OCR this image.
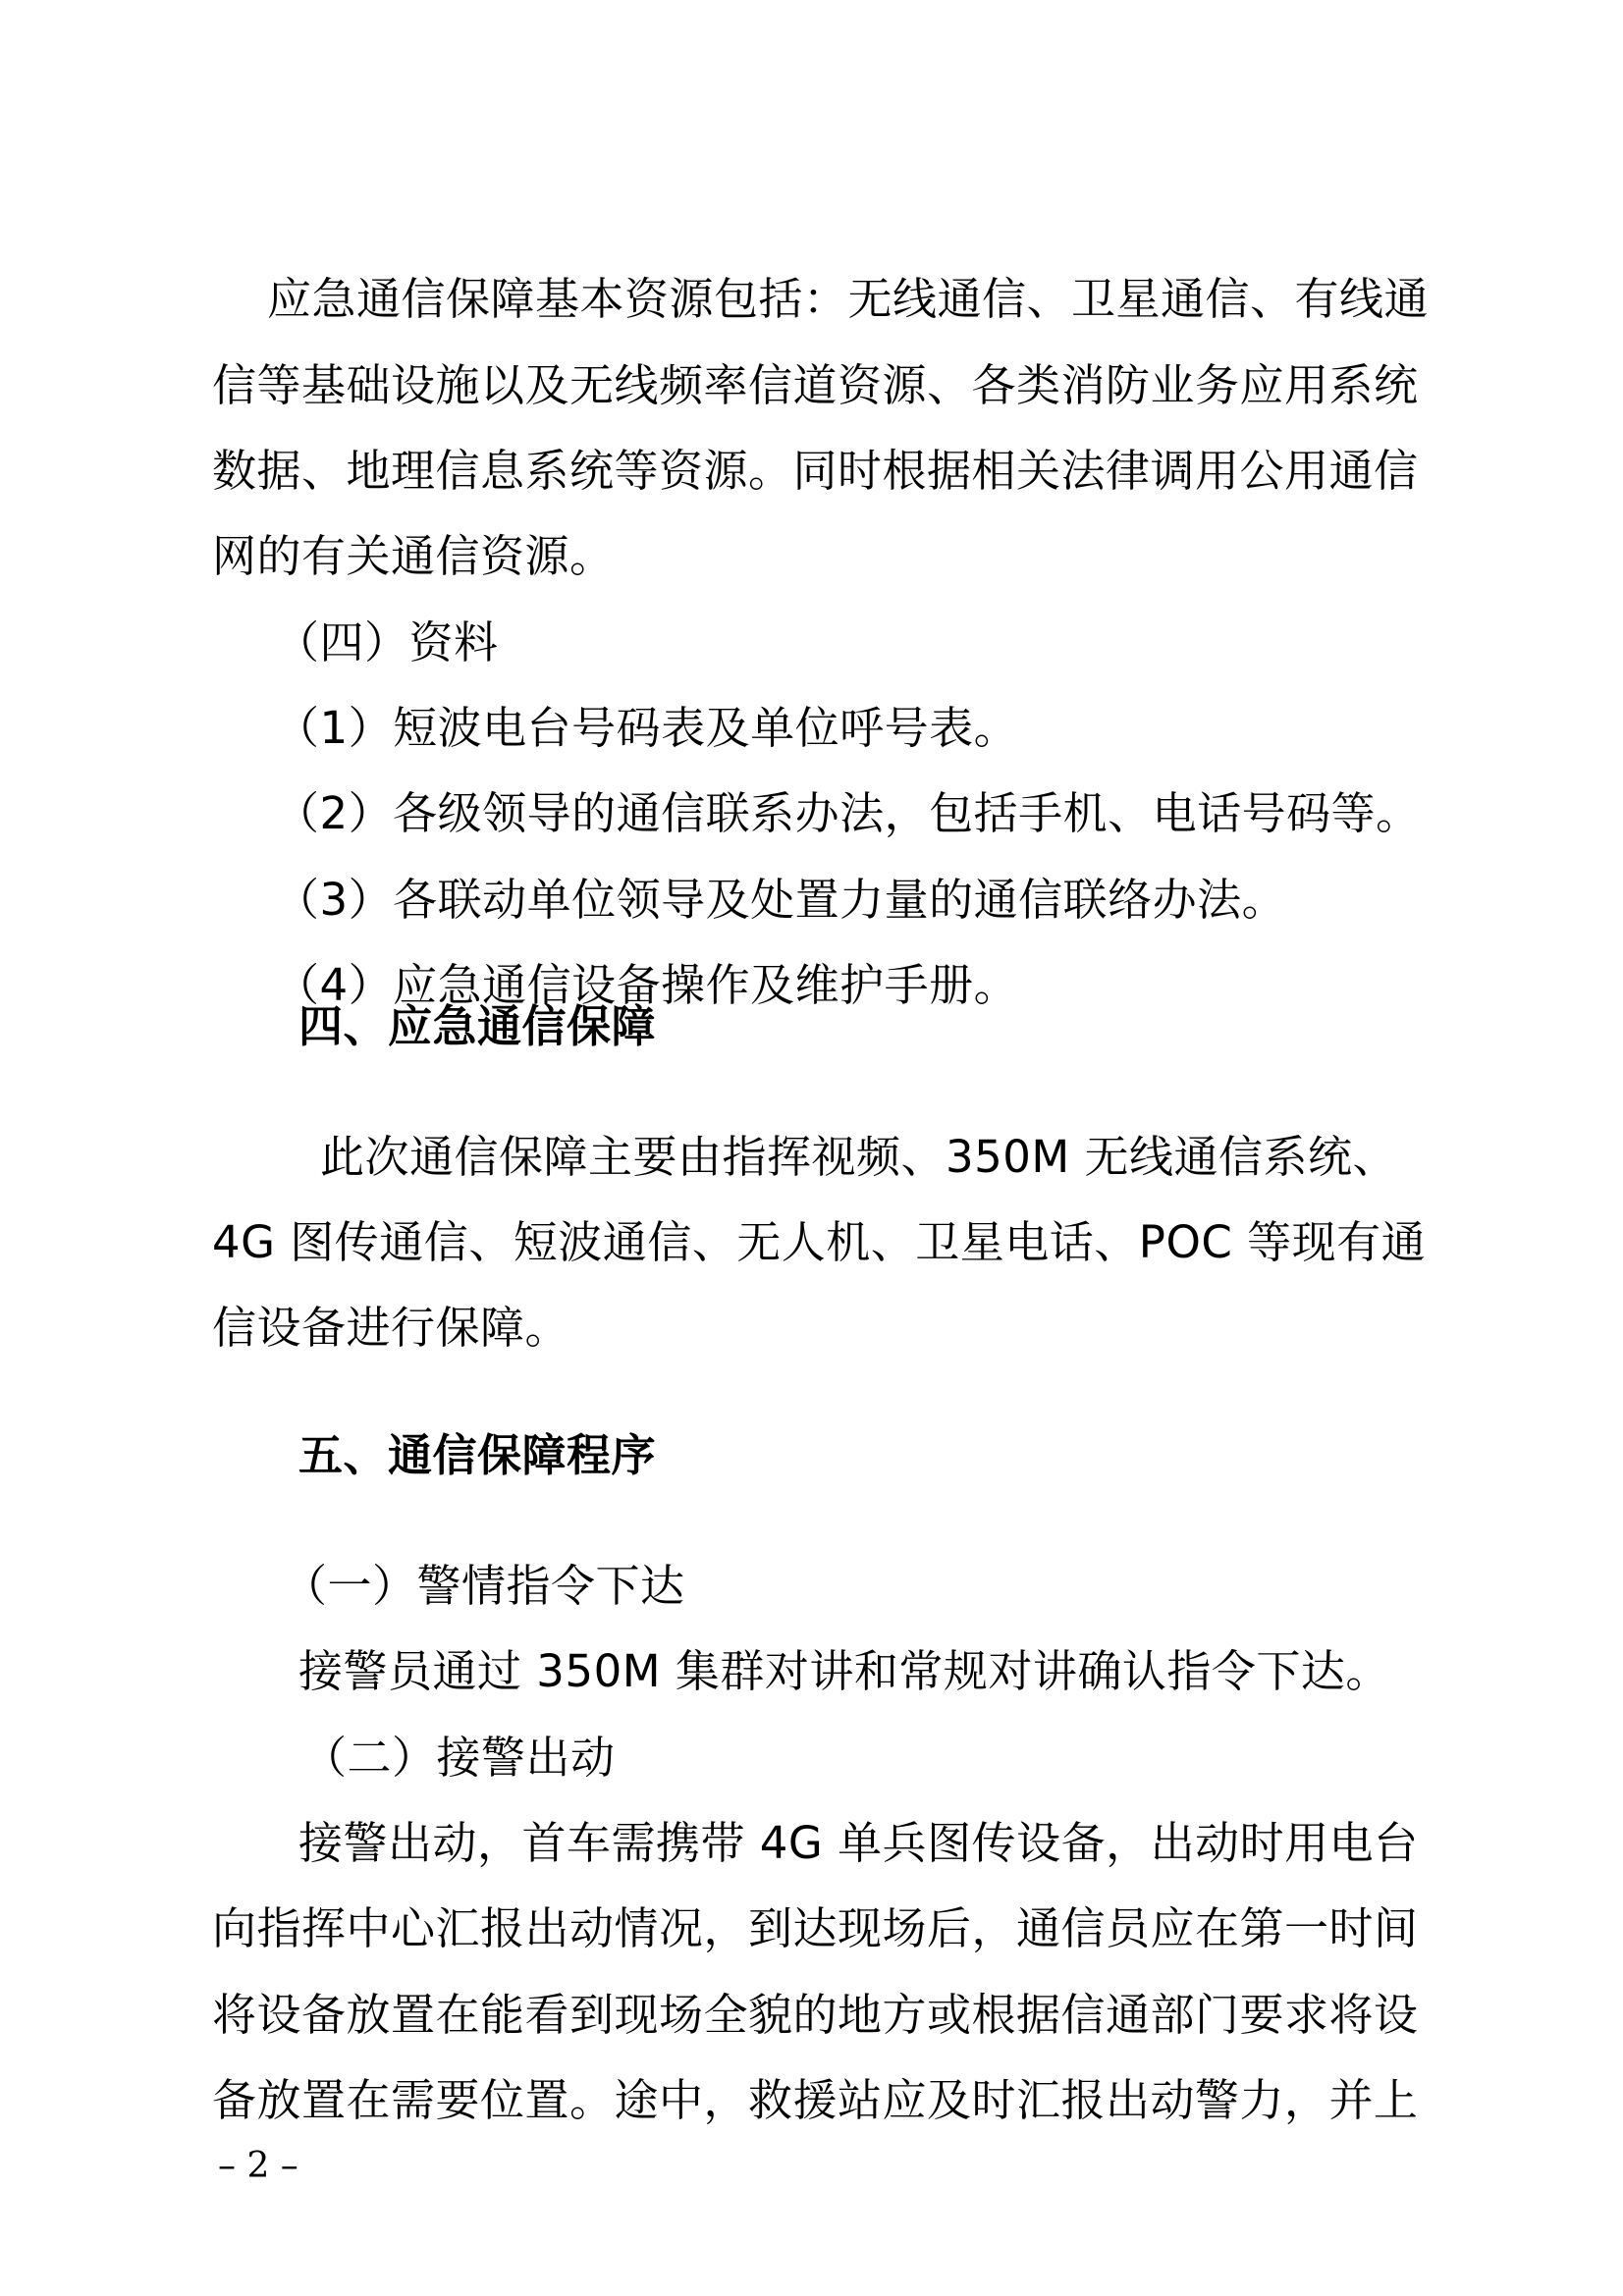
应急通信保障基本资源包括：无线通信、卫星通信、有线通

信等基础设施以及无线频率信道资源、各类消防业务应用系统

数据、地理信息系统等资源。同时根据相关法律调用公用通信

网的有关通信资源。

（四）资料

（1）短波电台号码表及单位呼号表。

（2）各级领导的通信联系办法，包括手机、电话号码等。

（3）各联动单位领导及处置力量的通信联络办法。

（4）应急通信设备操作及维护手册。

四、应急通信保障

此次通信保障主要由指挥视频、350M 无线通信系统、

4G 图传通信、短波通信、无人机、卫星电话、POC 等现有通

信设备进行保障。

五、通信保障程序

（一）警情指令下达

接警员通过 350M 集群对讲和常规对讲确认指令下达。

（二）接警出动

接警出动，首车需携带 4G 单兵图传设备，出动时用电台

向指挥中心汇报出动情况，到达现场后，通信员应在第一时间

将设备放置在能看到现场全貌的地方或根据信通部门要求将设

备放置在需要位置。途中，救援站应及时汇报出动警力，并上

– 2 –
